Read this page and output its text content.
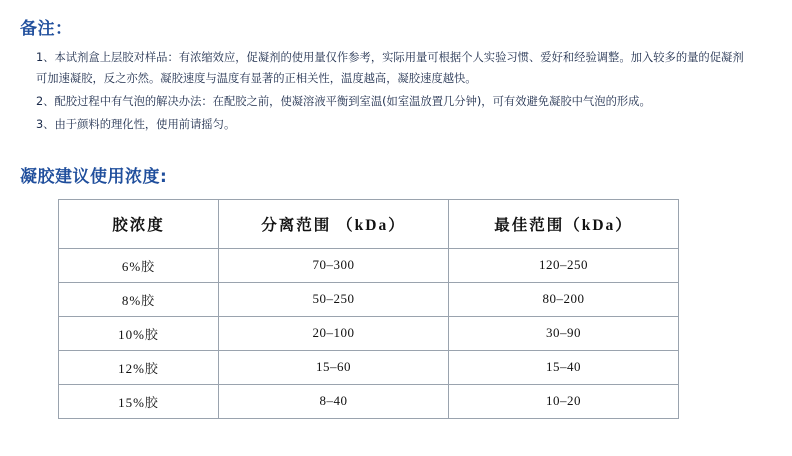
备注：
1、本试剂盒上层胶对样品：有浓缩效应，促凝剂的使用量仅作参考，实际用量可根据个人实验习惯、爱好和经验调整。加入较多的量的促凝剂可加速凝胶，反之亦然。凝胶速度与温度有显著的正相关性，温度越高，凝胶速度越快。
2、配胶过程中有气泡的解决办法：在配胶之前，使凝溶液平衡到室温(如室温放置几分钟)，可有效避免凝胶中气泡的形成。
3、由于颜料的理化性，使用前请摇匀。
凝胶建议使用浓度:
胶浓度	分离范围 （kDa）	最佳范围（kDa）
6%胶	70–300	120–250
8%胶	50–250	80–200
10%胶	20–100	30–90
12%胶	15–60	15–40
15%胶	8–40	10–20
